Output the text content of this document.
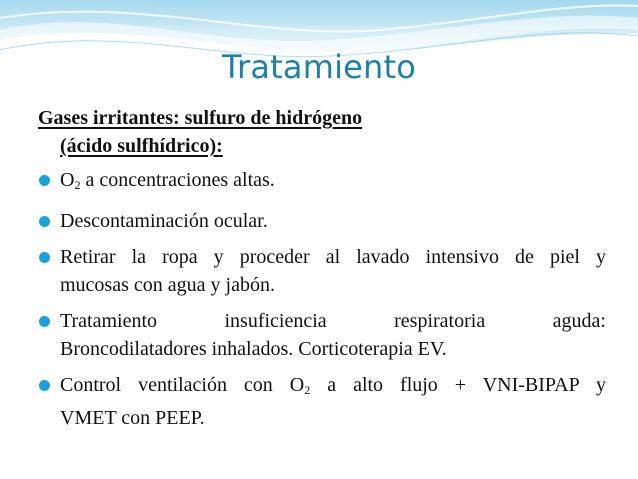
Tratamiento

Gases irritantes: sulfuro de hidrógeno
(ácido sulfhídrico):

$O_2$ a concentraciones altas.
Descontaminación ocular.
Retirar la ropa y proceder al lavado intensivo de piel y
mucosas con agua y jabón.
Tratamiento	insuficiencia	respiratoria	aguda:
Broncodilatadores inhalados. Corticoterapia EV.
Control ventilación con $O_2$ a alto flujo + VNI-BIPAP y
VMET con PEEP.
